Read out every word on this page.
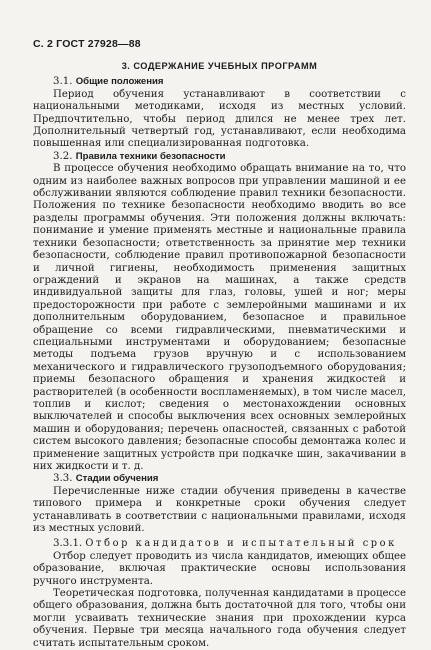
С. 2 ГОСТ 27928—88
3. СОДЕРЖАНИЕ УЧЕБНЫХ ПРОГРАММ
3.1. Общие положения

Период обучения устанавливают в соответствии с национальными методиками, исходя из местных условий. Предпочтительно, чтобы период длился не менее трех лет. Дополнительный четвертый год, устанавливают, если необходима повышенная или специализированная подготовка.

3.2. Правила техники безопасности

В процессе обучения необходимо обращать внимание на то, что одним из наиболее важных вопросов при управлении машиной и ее обслуживании являются соблюдение правил техники безопасности. Положения по технике безопасности необходимо вводить во все разделы программы обучения. Эти положения должны включать: понимание и умение применять местные и национальные правила техники безопасности; ответственность за принятие мер техники безопасности, соблюдение правил противопожарной безопасности и личной гигиены, необходимость применения защитных ограждений и экранов на машинах, а также средств индивидуальной защиты для глаз, головы, ушей и ног; меры предосторожности при работе с землеройными машинами и их дополнительным оборудованием, безопасное и правильное обращение со всеми гидравлическими, пневматическими и специальными инструментами и оборудованием; безопасные методы подъема грузов вручную и с использованием механического и гидравлического грузоподъемного оборудования; приемы безопасного обращения и хранения жидкостей и растворителей (в особенности воспламеняемых), в том числе масел, топлив и кислот; сведения о местонахождении основных выключателей и способы выключения всех основных землеройных машин и оборудования; перечень опасностей, связанных с работой систем высокого давления; безопасные способы демонтажа колес и применение защитных устройств при подкачке шин, закачивании в них жидкости и т. д.

3.3. Стадии обучения

Перечисленные ниже стадии обучения приведены в качестве типового примера и конкретные сроки обучения следует устанавливать в соответствии с национальными правилами, исходя из местных условий.

3.3.1. Отбор кандидатов и испытательный срок

Отбор следует проводить из числа кандидатов, имеющих общее образование, включая практические основы использования ручного инструмента.

Теоретическая подготовка, полученная кандидатами в процессе общего образования, должна быть достаточной для того, чтобы они могли усваивать технические знания при прохождении курса обучения. Первые три месяца начального года обучения следует считать испытательным сроком.
